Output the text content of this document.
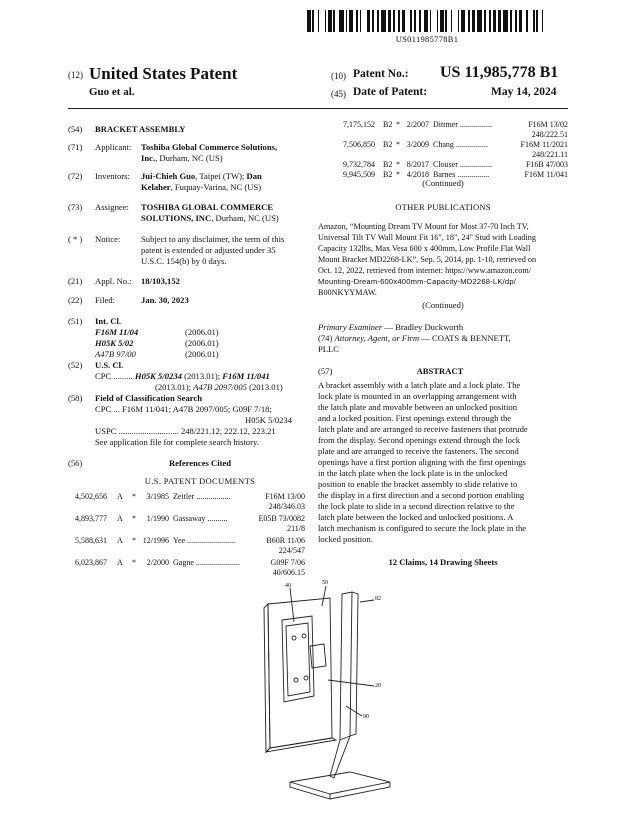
US011985778B1
(12) United States Patent
Guo et al.
(10) Patent No.: US 11,985,778 B1
(45) Date of Patent:	May 14, 2024
(54) BRACKET ASSEMBLY
(71) Applicant: Toshiba Global Commerce Solutions,
Inc., Durham, NC (US)
(72) Inventors: Jui-Chieh Guo, Taipei (TW); Dan
Kelaher, Fuquay-Varina, NC (US)
(73) Assignee: TOSHIBA GLOBAL COMMERCE
SOLUTIONS, INC, Durham, NC (US)
( * ) Notice: Subject to any disclaimer, the term of this
patent is extended or adjusted under 35
U.S.C. 154(b) by 0 days.
(21) Appl. No.: 18/103,152
(22) Filed:	Jan. 30, 2023
(51) Int. Cl.
F16M 11/04	(2006.01)
H05K 5/02	(2006.01)
A47B 97/00	(2006.01)
(52) U.S. Cl.
CPC ......... H05K 5/0234 (2013.01); F16M 11/041
(2013.01); A47B 2097/005 (2013.01)
(58) Field of Classification Search
CPC ... F16M 11/041; A47B 2097/005; G09F 7/18;
H05K 5/0234
USPC ............................ 248/221.12, 222.12, 223.21
See application file for complete search history.
(56)	References Cited
U.S. PATENT DOCUMENTS
4,502,656 A *	3/1985 Zeitler .................	F16M 13/00
248/346.03
4,893,777 A *	1/1990 Gassaway ..........	E05B 73/0082
211/8
5,588,631 A * 12/1996 Yee ........................	B60R 11/06
224/547
6,023,867 A *	2/2000 Gagne ......................	G09F 7/06
40/606.15
7,175,152 B2 * 2/2007 Dittmer ................	F16M 13/02
248/222.51
7,506,850 B2 * 3/2009 Chang ................	F16M 11/2021
248/221.11
9,732,784 B2 * 8/2017 Clouser ................	F16B 47/003
9,945,509 B2 * 4/2018 Barnes ................	F16M 11/041
(Continued)
OTHER PUBLICATIONS
Amazon, “Mounting Dream TV Mount for Most 37-70 Inch TV,
Universal Tilt TV Wall Mount Fit 16", 18", 24" Stud with Loading
Capacity 132lbs, Max Vesa 600 x 400mm, Low Profile Flat Wall
Mount Bracket MD2268-LK”, Sep. 5, 2014, pp. 1-10, retrieved on
Oct. 12, 2022, retrieved from internet: https://www.amazon.com/
Mounting-Dream-600x400mm-Capacity-MD2268-LK/dp/
B00NKYYMAW.
(Continued)
Primary Examiner — Bradley Duckworth
(74) Attorney, Agent, or Firm — COATS & BENNETT,
PLLC
(57)	ABSTRACT
A bracket assembly with a latch plate and a lock plate. The
lock plate is mounted in an overlapping arrangement with
the latch plate and movable between an unlocked position
and a locked position. First openings extend through the
latch plate and are arranged to receive fasteners that protrude
from the display. Second openings extend through the lock
plate and are arranged to receive the fasteners. The second
openings have a first portion aligning with the first openings
in the latch plate when the lock plate is in the unlocked
position to enable the bracket assembly to slide relative to
the display in a first direction and a second portion enabling
the lock plate to slide in a second direction relative to the
latch plate between the locked and unlocked positions. A
latch mechanism is configured to secure the lock plate in the
locked position.
12 Claims, 14 Drawing Sheets
40	50
82
20
90
